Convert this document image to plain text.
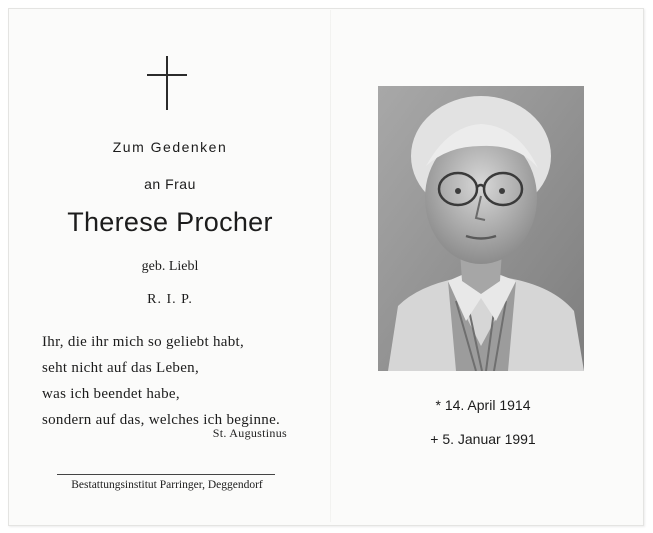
Zum Gedenken
an Frau
Therese Procher
geb. Liebl
R. I. P.
Ihr, die ihr mich so geliebt habt,
seht nicht auf das Leben,
was ich beendet habe,
sondern auf das, welches ich beginne.
St. Augustinus
Bestattungsinstitut Parringer, Deggendorf
* 14. April 1914
+ 5. Januar 1991
